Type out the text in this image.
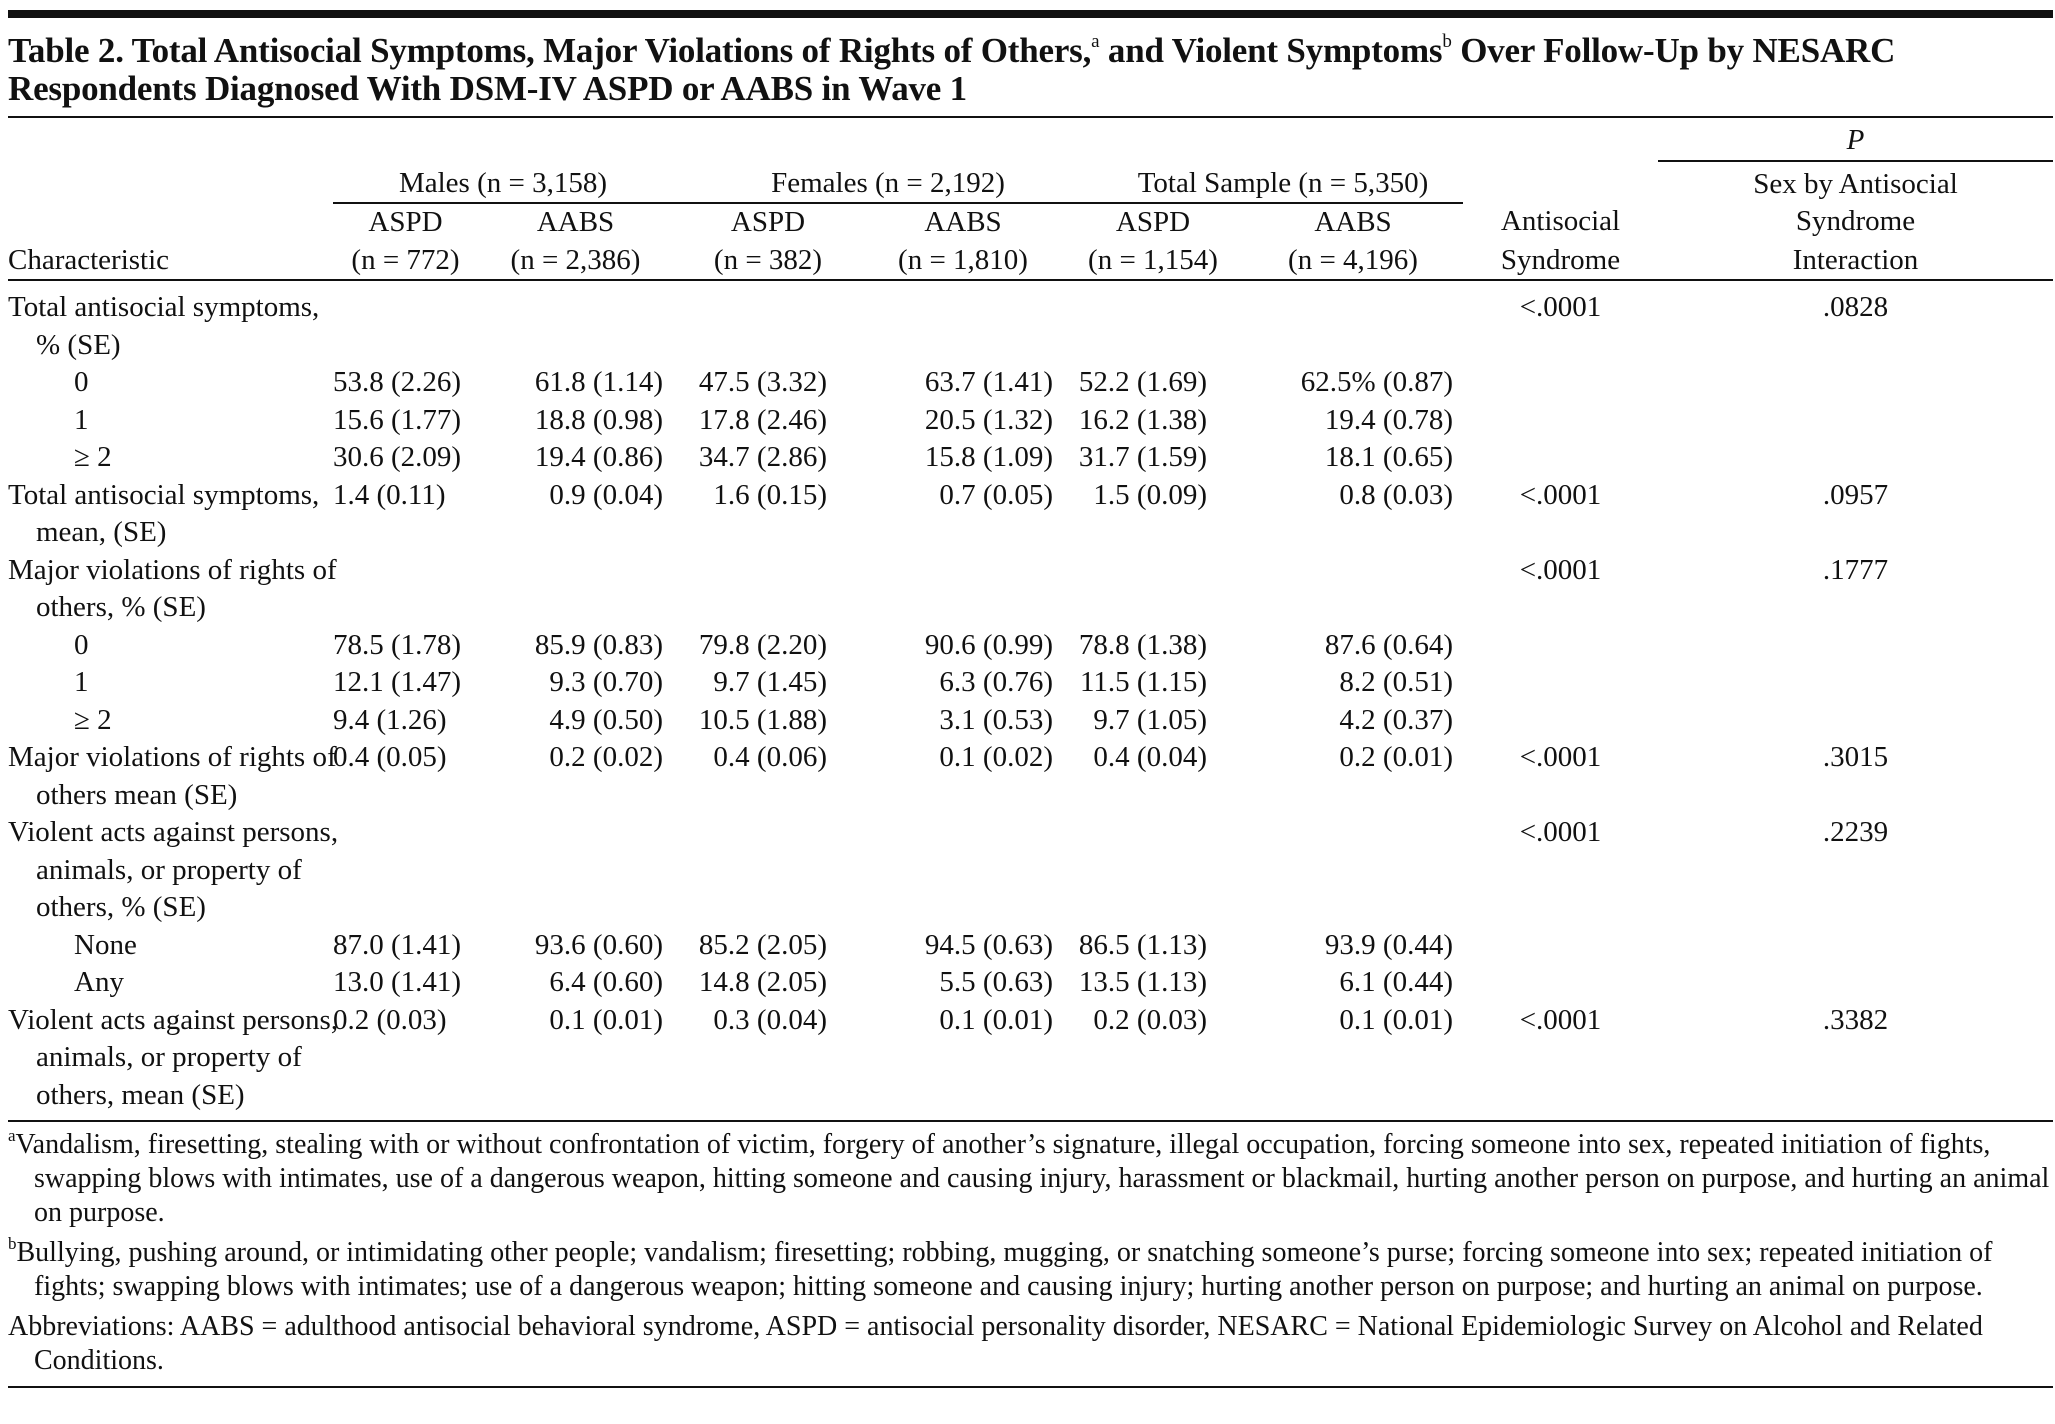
Table 2. Total Antisocial Symptoms, Major Violations of Rights of Others,$^a$ and Violent Symptoms$^b$ Over Follow-Up by NESARC Respondents Diagnosed With DSM-IV ASPD or AABS in Wave 1
								P
	Males (n = 3,158)		Females (n = 2,192)		Total Sample (n = 5,350)			Sex by Antisocial
	ASPD	AABS	ASPD	AABS	ASPD	AABS	Antisocial	Syndrome
Characteristic	(n = 772)	(n = 2,386)	(n = 382)	(n = 1,810)	(n = 1,154)	(n = 4,196)	Syndrome	Interaction
Total antisocial symptoms,							<.0001	.0828
% (SE)								
0	53.8 (2.26)	61.8 (1.14)	47.5 (3.32)	63.7 (1.41)	52.2 (1.69)	62.5% (0.87)		
1	15.6 (1.77)	18.8 (0.98)	17.8 (2.46)	20.5 (1.32)	16.2 (1.38)	19.4 (0.78)		
≥ 2	30.6 (2.09)	19.4 (0.86)	34.7 (2.86)	15.8 (1.09)	31.7 (1.59)	18.1 (0.65)		
Total antisocial symptoms,	1.4 (0.11)	0.9 (0.04)	1.6 (0.15)	0.7 (0.05)	1.5 (0.09)	0.8 (0.03)	<.0001	.0957
mean, (SE)								
Major violations of rights of							<.0001	.1777
others, % (SE)								
0	78.5 (1.78)	85.9 (0.83)	79.8 (2.20)	90.6 (0.99)	78.8 (1.38)	87.6 (0.64)		
1	12.1 (1.47)	9.3 (0.70)	9.7 (1.45)	6.3 (0.76)	11.5 (1.15)	8.2 (0.51)		
≥ 2	9.4 (1.26)	4.9 (0.50)	10.5 (1.88)	3.1 (0.53)	9.7 (1.05)	4.2 (0.37)		
Major violations of rights of	0.4 (0.05)	0.2 (0.02)	0.4 (0.06)	0.1 (0.02)	0.4 (0.04)	0.2 (0.01)	<.0001	.3015
others mean (SE)								
Violent acts against persons,							<.0001	.2239
animals, or property of								
others, % (SE)								
None	87.0 (1.41)	93.6 (0.60)	85.2 (2.05)	94.5 (0.63)	86.5 (1.13)	93.9 (0.44)		
Any	13.0 (1.41)	6.4 (0.60)	14.8 (2.05)	5.5 (0.63)	13.5 (1.13)	6.1 (0.44)		
Violent acts against persons,	0.2 (0.03)	0.1 (0.01)	0.3 (0.04)	0.1 (0.01)	0.2 (0.03)	0.1 (0.01)	<.0001	.3382
animals, or property of								
others, mean (SE)								
$^a$Vandalism, firesetting, stealing with or without confrontation of victim, forgery of another’s signature, illegal occupation, forcing someone into sex, repeated initiation of fights, swapping blows with intimates, use of a dangerous weapon, hitting someone and causing injury, harassment or blackmail, hurting another person on purpose, and hurting an animal on purpose.
$^b$Bullying, pushing around, or intimidating other people; vandalism; firesetting; robbing, mugging, or snatching someone’s purse; forcing someone into sex; repeated initiation of fights; swapping blows with intimates; use of a dangerous weapon; hitting someone and causing injury; hurting another person on purpose; and hurting an animal on purpose.
Abbreviations: AABS = adulthood antisocial behavioral syndrome, ASPD = antisocial personality disorder, NESARC = National Epidemiologic Survey on Alcohol and Related Conditions.
